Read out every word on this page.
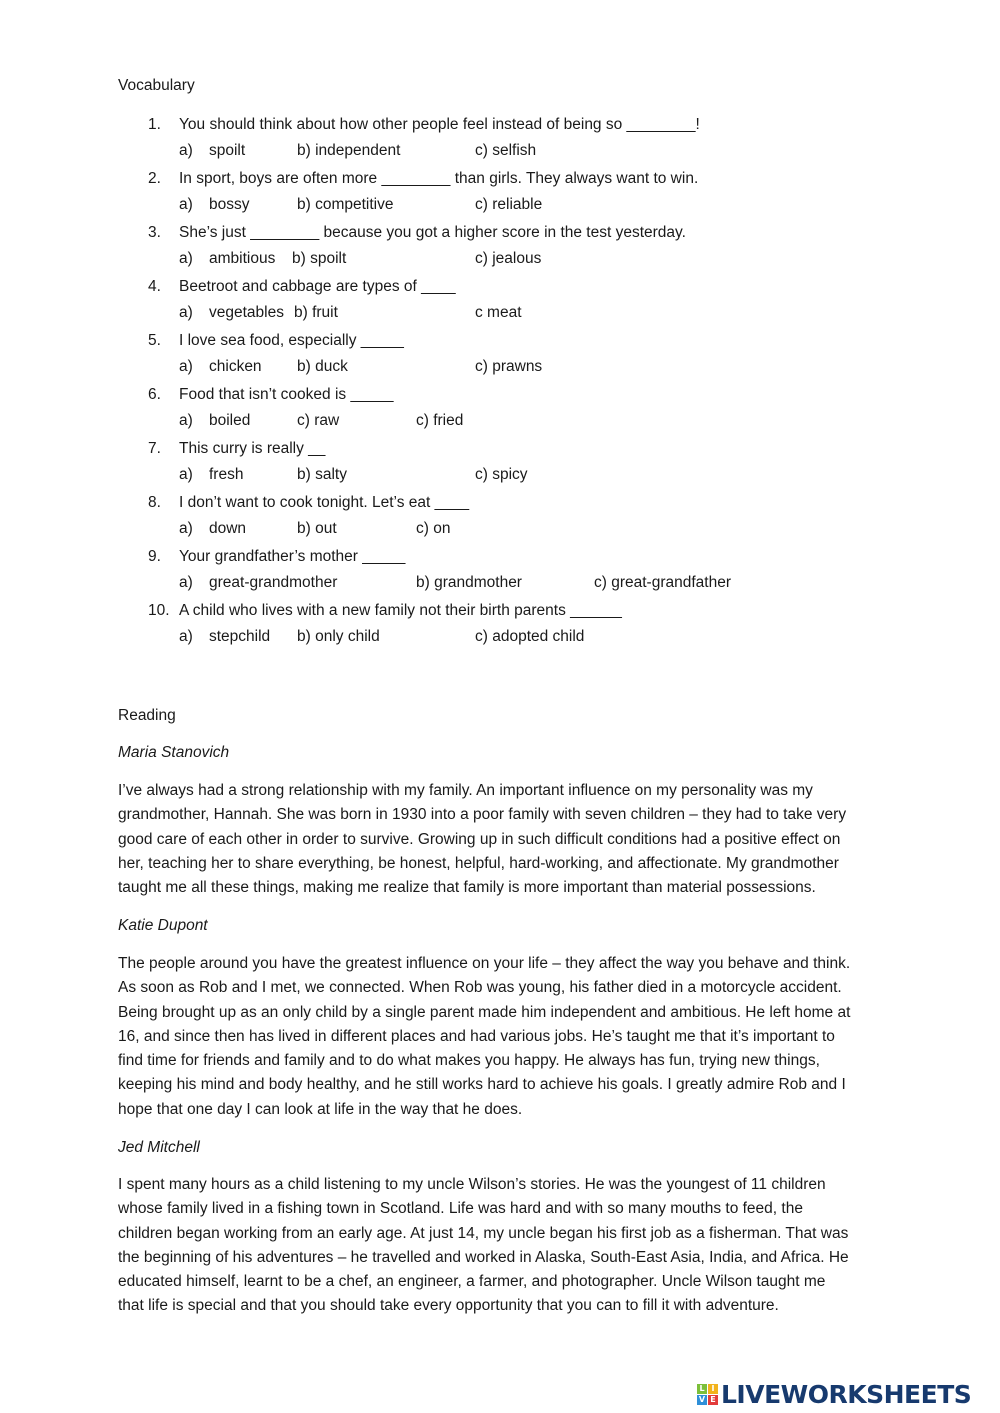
Vocabulary
1. You should think about how other people feel instead of being so ________!
a) spoilt	b) independent	c) selfish
2. In sport, boys are often more ________ than girls. They always want to win.
a) bossy	b) competitive	c) reliable
3. She’s just ________ because you got a higher score in the test yesterday.
a) ambitious b) spoilt	c) jealous
4. Beetroot and cabbage are types of ____
a) vegetables b) fruit	c meat
5. I love sea food, especially _____
a) chicken b) duck	c) prawns
6. Food that isn’t cooked is _____
a) boiled	c) raw	c) fried
7. This curry is really __
a) fresh	b) salty	c) spicy
8. I don’t want to cook tonight. Let’s eat ____
a) down	b) out	c) on
9. Your grandfather’s mother _____
a) great-grandmother	b) grandmother	c) great-grandfather
10. A child who lives with a new family not their birth parents ______
a) stepchild b) only child	c) adopted child
Reading
Maria Stanovich
I’ve always had a strong relationship with my family. An important influence on my personality was my
grandmother, Hannah. She was born in 1930 into a poor family with seven children – they had to take very
good care of each other in order to survive. Growing up in such difficult conditions had a positive effect on
her, teaching her to share everything, be honest, helpful, hard-working, and affectionate. My grandmother
taught me all these things, making me realize that family is more important than material possessions.
Katie Dupont
The people around you have the greatest influence on your life – they affect the way you behave and think.
As soon as Rob and I met, we connected. When Rob was young, his father died in a motorcycle accident.
Being brought up as an only child by a single parent made him independent and ambitious. He left home at
16, and since then has lived in different places and had various jobs. He’s taught me that it’s important to
find time for friends and family and to do what makes you happy. He always has fun, trying new things,
keeping his mind and body healthy, and he still works hard to achieve his goals. I greatly admire Rob and I
hope that one day I can look at life in the way that he does.
Jed Mitchell
I spent many hours as a child listening to my uncle Wilson’s stories. He was the youngest of 11 children
whose family lived in a fishing town in Scotland. Life was hard and with so many mouths to feed, the
children began working from an early age. At just 14, my uncle began his first job as a fisherman. That was
the beginning of his adventures – he travelled and worked in Alaska, South-East Asia, India, and Africa. He
educated himself, learnt to be a chef, an engineer, a farmer, and photographer. Uncle Wilson taught me
that life is special and that you should take every opportunity that you can to fill it with adventure.
L I
V E LIVEWORKSHEETS
